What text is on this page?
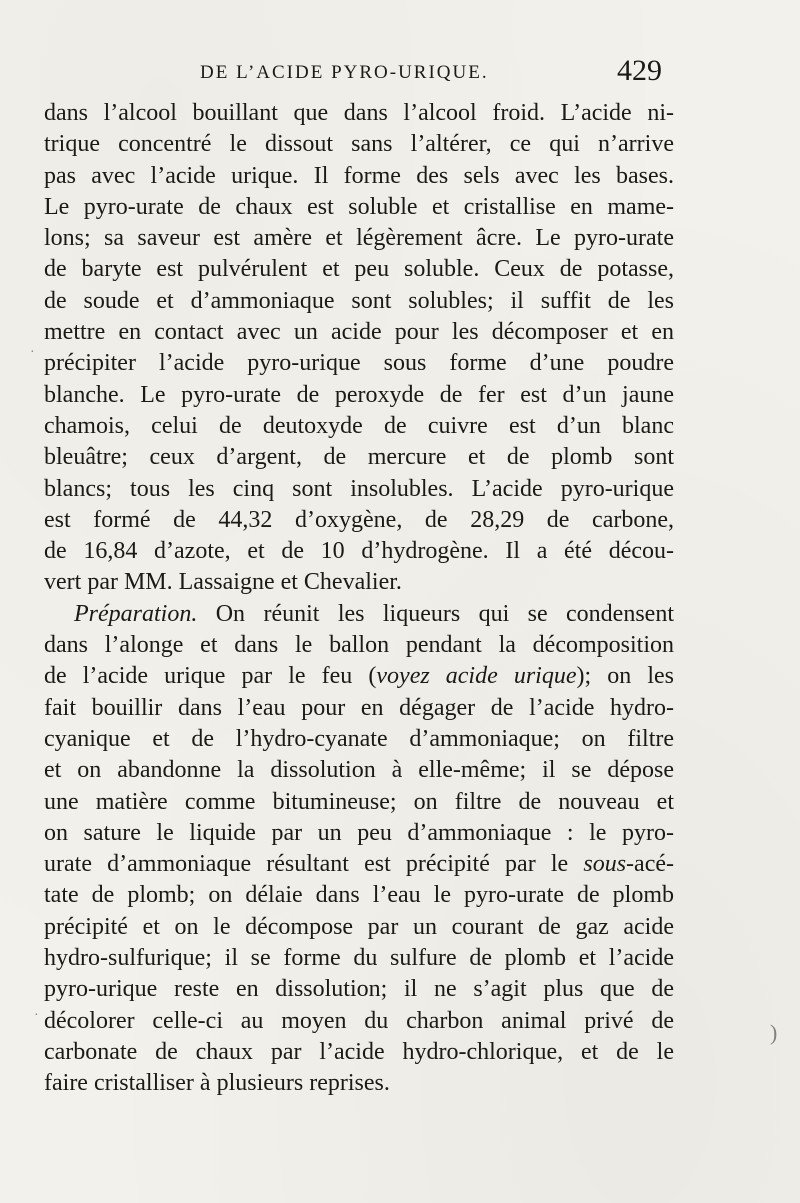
DE L’ACIDE PYRO-URIQUE.	429
dans l’alcool bouillant que dans l’alcool froid. L’acide ni-
trique concentré le dissout sans l’altérer, ce qui n’arrive
pas avec l’acide urique. Il forme des sels avec les bases.
Le pyro-urate de chaux est soluble et cristallise en mame-
lons; sa saveur est amère et légèrement âcre. Le pyro-urate
de baryte est pulvérulent et peu soluble. Ceux de potasse,
de soude et d’ammoniaque sont solubles; il suffit de les
mettre en contact avec un acide pour les décomposer et en
précipiter l’acide pyro-urique sous forme d’une poudre
blanche. Le pyro-urate de peroxyde de fer est d’un jaune
chamois, celui de deutoxyde de cuivre est d’un blanc
bleuâtre; ceux d’argent, de mercure et de plomb sont
blancs; tous les cinq sont insolubles. L’acide pyro-urique
est formé de 44,32 d’oxygène, de 28,29 de carbone,
de 16,84 d’azote, et de 10 d’hydrogène. Il a été décou-
vert par MM. Lassaigne et Chevalier.
Préparation. On réunit les liqueurs qui se condensent
dans l’alonge et dans le ballon pendant la décomposition
de l’acide urique par le feu (voyez acide urique); on les
fait bouillir dans l’eau pour en dégager de l’acide hydro-
cyanique et de l’hydro-cyanate d’ammoniaque; on filtre
et on abandonne la dissolution à elle-même; il se dépose
une matière comme bitumineuse; on filtre de nouveau et
on sature le liquide par un peu d’ammoniaque : le pyro-
urate d’ammoniaque résultant est précipité par le sous-acé-
tate de plomb; on délaie dans l’eau le pyro-urate de plomb
précipité et on le décompose par un courant de gaz acide
hydro-sulfurique; il se forme du sulfure de plomb et l’acide
pyro-urique reste en dissolution; il ne s’agit plus que de
décolorer celle-ci au moyen du charbon animal privé de
carbonate de chaux par l’acide hydro-chlorique, et de le
faire cristalliser à plusieurs reprises.
·
·
)
